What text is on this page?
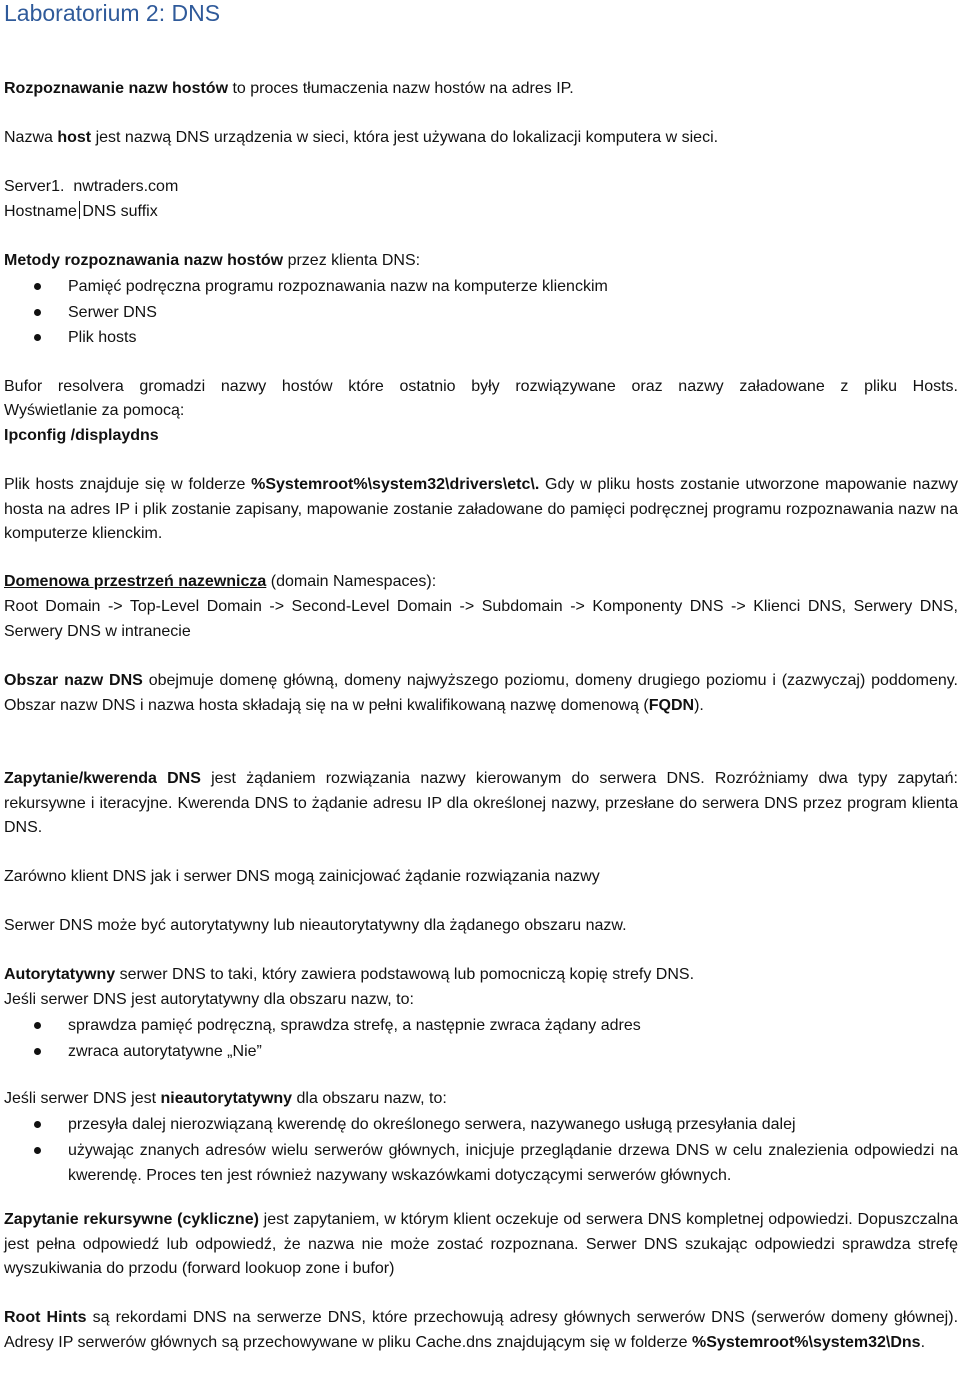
Laboratorium 2: DNS
Rozpoznawanie nazw hostów to proces tłumaczenia nazw hostów na adres IP.
Nazwa host jest nazwą DNS urządzenia w sieci, która jest używana do lokalizacji komputera w sieci.
Server1.  nwtraders.com
Hostname DNS suffix
Metody rozpoznawania nazw hostów przez klienta DNS:
Pamięć podręczna programu rozpoznawania nazw na komputerze klienckim
Serwer DNS
Plik hosts
Bufor resolvera gromadzi nazwy hostów które ostatnio były rozwiązywane oraz nazwy załadowane z pliku Hosts.
Wyświetlanie za pomocą:
Ipconfig /displaydns
Plik hosts znajduje się w folderze %Systemroot%\system32\drivers\etc\. Gdy w pliku hosts zostanie utworzone mapowanie nazwy hosta na adres IP i plik zostanie zapisany, mapowanie zostanie załadowane do pamięci podręcznej programu rozpoznawania nazw na komputerze klienckim.
Domenowa przestrzeń nazewnicza (domain Namespaces):
Root Domain -> Top-Level Domain -> Second-Level Domain -> Subdomain -> Komponenty DNS -> Klienci DNS, Serwery DNS, Serwery DNS w intranecie
Obszar nazw DNS obejmuje domenę główną, domeny najwyższego poziomu, domeny drugiego poziomu i (zazwyczaj) poddomeny. Obszar nazw DNS i nazwa hosta składają się na w pełni kwalifikowaną nazwę domenową (FQDN).
Zapytanie/kwerenda DNS jest żądaniem rozwiązania nazwy kierowanym do serwera DNS. Rozróżniamy dwa typy zapytań: rekursywne i iteracyjne. Kwerenda DNS to żądanie adresu IP dla określonej nazwy, przesłane do serwera DNS przez program klienta DNS.
Zarówno klient DNS jak i serwer DNS mogą zainicjować żądanie rozwiązania nazwy
Serwer DNS może być autorytatywny lub nieautorytatywny dla żądanego obszaru nazw.
Autorytatywny serwer DNS to taki, który zawiera podstawową lub pomocniczą kopię strefy DNS.
Jeśli serwer DNS jest autorytatywny dla obszaru nazw, to:
sprawdza pamięć podręczną, sprawdza strefę, a następnie zwraca żądany adres
zwraca autorytatywne „Nie”
Jeśli serwer DNS jest nieautorytatywny dla obszaru nazw, to:
przesyła dalej nierozwiązaną kwerendę do określonego serwera, nazywanego usługą przesyłania dalej
używając znanych adresów wielu serwerów głównych, inicjuje przeglądanie drzewa DNS w celu znalezienia odpowiedzi na kwerendę. Proces ten jest również nazywany wskazówkami dotyczącymi serwerów głównych.
Zapytanie rekursywne (cykliczne) jest zapytaniem, w którym klient oczekuje od serwera DNS kompletnej odpowiedzi. Dopuszczalna jest pełna odpowiedź lub odpowiedź, że nazwa nie może zostać rozpoznana. Serwer DNS szukając odpowiedzi sprawdza strefę wyszukiwania do przodu (forward lookuop zone i bufor)
Root Hints są rekordami DNS na serwerze DNS, które przechowują adresy głównych serwerów DNS (serwerów domeny głównej). Adresy IP serwerów głównych są przechowywane w pliku Cache.dns znajdującym się w folderze %Systemroot%\system32\Dns.
